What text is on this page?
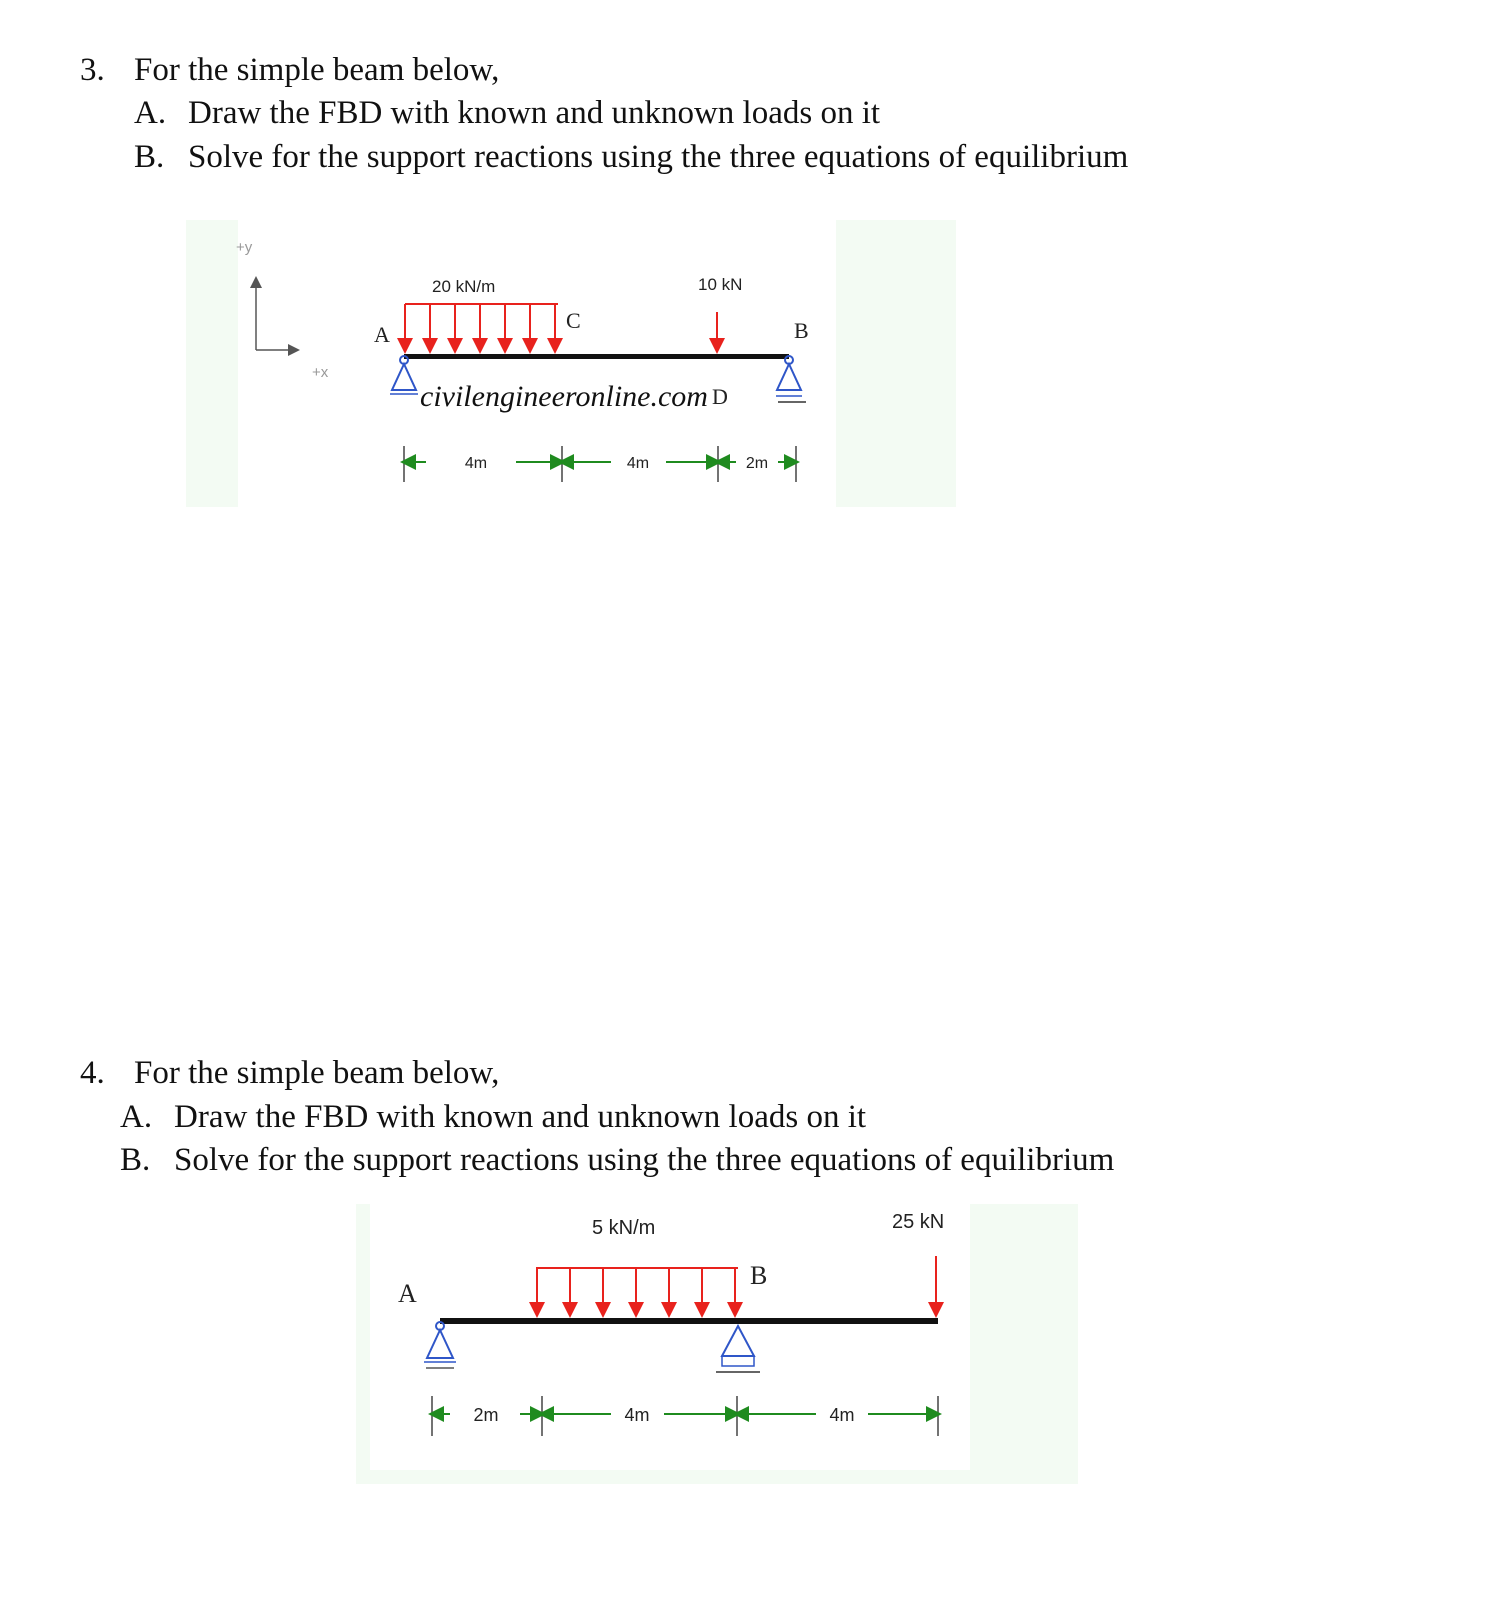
3. For the simple beam below,
A. Draw the FBD with known and unknown loads on it
B. Solve for the support reactions using the three equations of equilibrium
+y
+x
20 kN/m	10 kN
A
C	B
D
civilengineeronline.com
4m	4m	2m
4. For the simple beam below,
A. Draw the FBD with known and unknown loads on it
B. Solve for the support reactions using the three equations of equilibrium
5 kN/m	25 kN
A
B
2m	4m	4m
